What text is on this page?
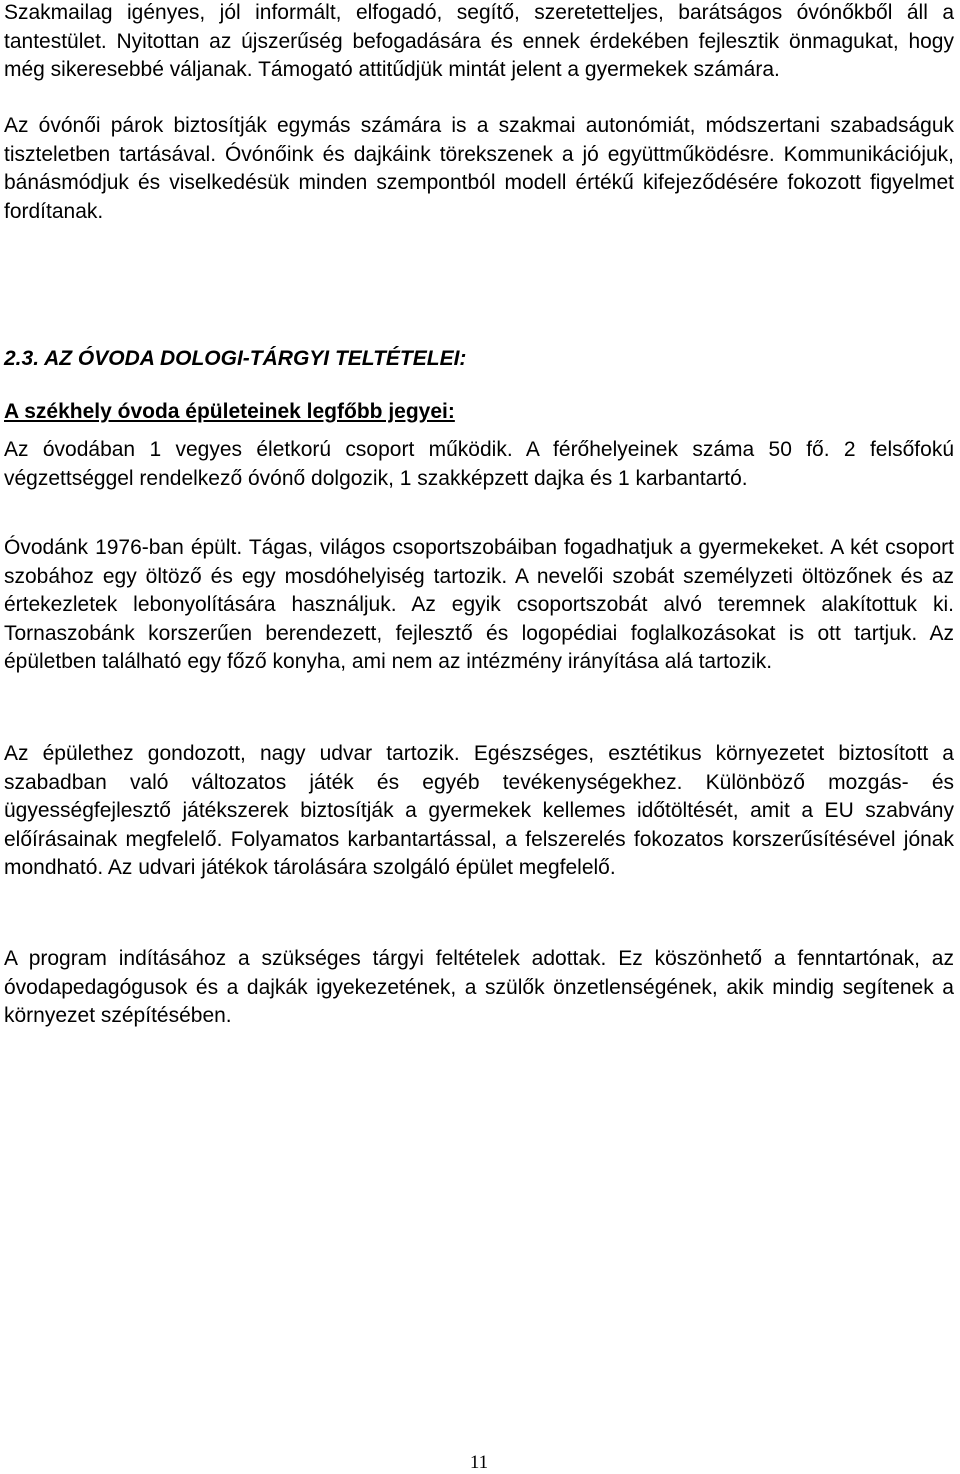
Szakmailag igényes, jól informált, elfogadó, segítő, szeretetteljes, barátságos óvónőkből áll a tantestület. Nyitottan az újszerűség befogadására és ennek érdekében fejlesztik önmagukat, hogy még sikeresebbé váljanak. Támogató attitűdjük mintát jelent a gyermekek számára.

Az óvónői párok biztosítják egymás számára is a szakmai autonómiát, módszertani szabadságuk tiszteletben tartásával. Óvónőink és dajkáink törekszenek a jó együttműködésre. Kommunikációjuk, bánásmódjuk és viselkedésük minden szempontból modell értékű kifejeződésére fokozott figyelmet fordítanak.

2.3. AZ ÓVODA DOLOGI-TÁRGYI TELTÉTELEI:

A székhely óvoda épületeinek legfőbb jegyei:

Az óvodában 1 vegyes életkorú csoport működik. A férőhelyeinek száma 50 fő. 2 felsőfokú végzettséggel rendelkező óvónő dolgozik, 1 szakképzett dajka és 1 karbantartó.

Óvodánk 1976-ban épült. Tágas, világos csoportszobáiban fogadhatjuk a gyermekeket. A két csoport szobához egy öltöző és egy mosdóhelyiség tartozik. A nevelői szobát személyzeti öltözőnek és az értekezletek lebonyolítására használjuk. Az egyik csoportszobát alvó teremnek alakítottuk ki. Tornaszobánk korszerűen berendezett, fejlesztő és logopédiai foglalkozásokat is ott tartjuk. Az épületben található egy főző konyha, ami nem az intézmény irányítása alá tartozik.

Az épülethez gondozott, nagy udvar tartozik. Egészséges, esztétikus környezetet biztosított a szabadban való változatos játék és egyéb tevékenységekhez. Különböző mozgás- és ügyességfejlesztő játékszerek biztosítják a gyermekek kellemes időtöltését, amit a EU szabvány előírásainak megfelelő. Folyamatos karbantartással, a felszerelés fokozatos korszerűsítésével jónak mondható. Az udvari játékok tárolására szolgáló épület megfelelő.

A program indításához a szükséges tárgyi feltételek adottak. Ez köszönhető a fenntartónak, az óvodapedagógusok és a dajkák igyekezetének, a szülők önzetlenségének, akik mindig segítenek a környezet szépítésében.

11
